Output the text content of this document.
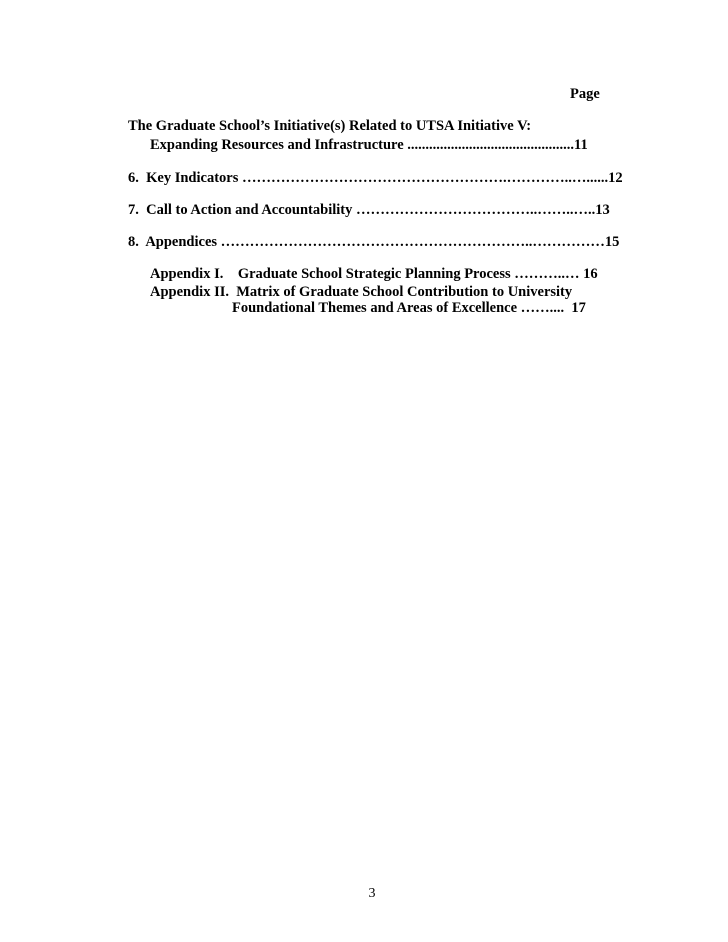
Page
The Graduate School’s Initiative(s) Related to UTSA Initiative V:
Expanding Resources and Infrastructure ..............................................11
6.  Key Indicators ……………………………………………….…………..…......12
7.  Call to Action and Accountability ………………………………..……..…..13
8.  Appendices ………………………………………………………..……………15
Appendix I.    Graduate School Strategic Planning Process ………..… 16
Appendix II.  Matrix of Graduate School Contribution to University
Foundational Themes and Areas of Excellence ……....  17
3
